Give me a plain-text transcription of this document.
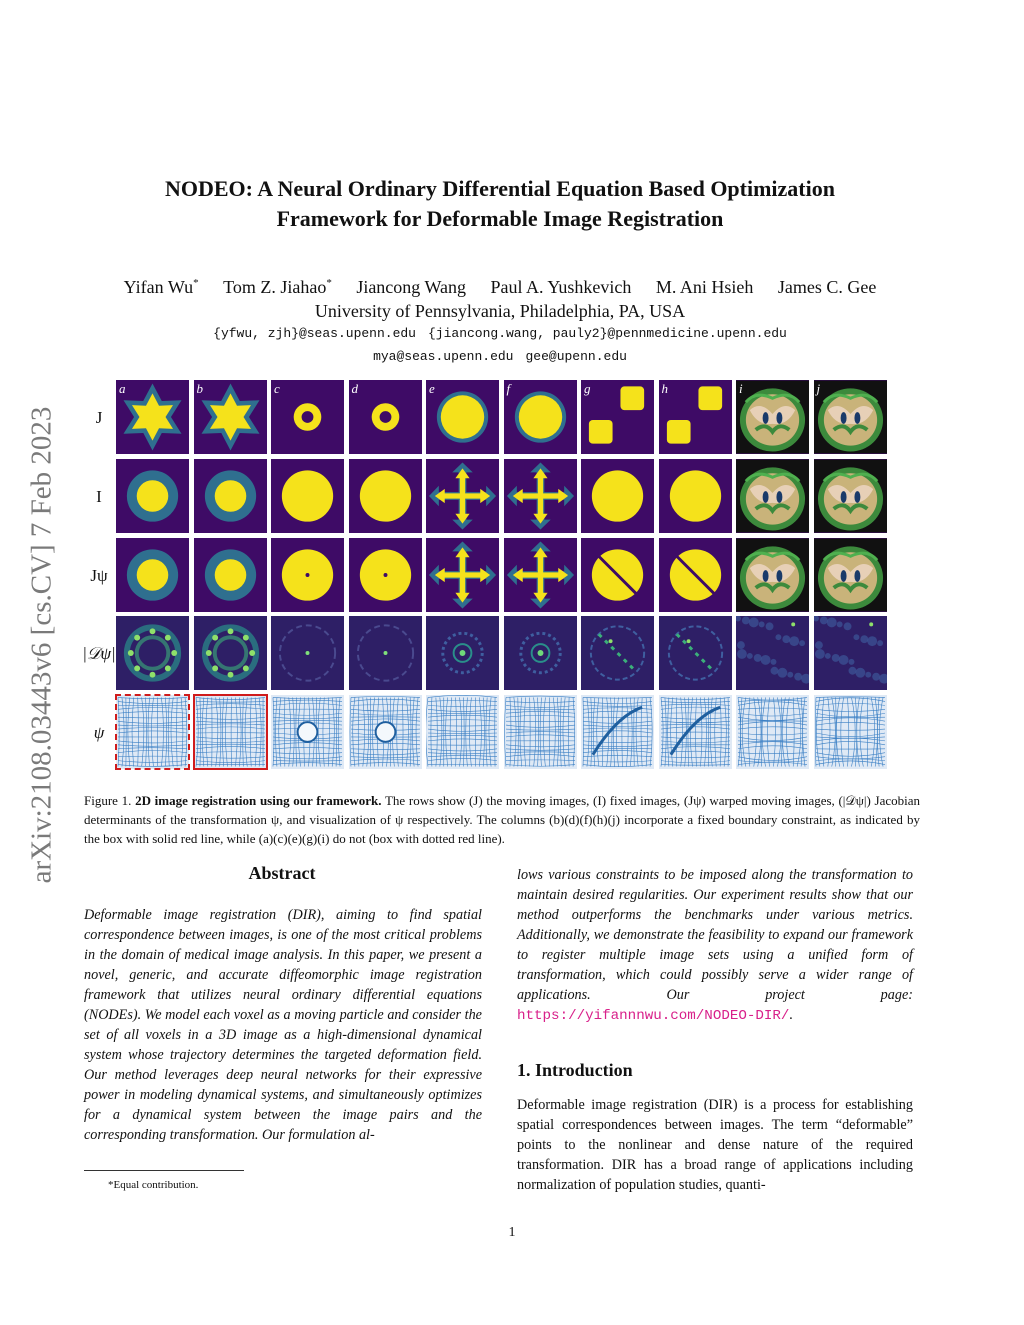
arXiv:2108.03443v6 [cs.CV] 7 Feb 2023
NODEO: A Neural Ordinary Differential Equation Based Optimization
Framework for Deformable Image Registration
Yifan Wu* Tom Z. Jiahao* Jiancong Wang Paul A. Yushkevich M. Ani Hsieh James C. Gee
University of Pennsylvania, Philadelphia, PA, USA
{yfwu, zjh}@seas.upenn.edu {jiancong.wang, pauly2}@pennmedicine.upenn.edu
mya@seas.upenn.edu gee@upenn.edu
J
a	b	c	d	e	f	g	h	i	j
I
Jψ
|𝒟ψ|
ψ
Figure 1. 2D image registration using our framework. The rows show (J) the moving images, (I) fixed images, (Jψ) warped moving images, (|𝒟ψ|) Jacobian determinants of the transformation ψ, and visualization of ψ respectively. The columns (b)(d)(f)(h)(j) incorporate a fixed boundary constraint, as indicated by the box with solid red line, while (a)(c)(e)(g)(i) do not (box with dotted red line).
Abstract
Deformable image registration (DIR), aiming to find spatial correspondence between images, is one of the most critical problems in the domain of medical image analysis. In this paper, we present a novel, generic, and accurate diffeomorphic image registration framework that utilizes neural ordinary differential equations (NODEs). We model each voxel as a moving particle and consider the set of all voxels in a 3D image as a high-dimensional dynamical system whose trajectory determines the targeted deformation field. Our method leverages deep neural networks for their expressive power in modeling dynamical systems, and simultaneously optimizes for a dynamical system between the image pairs and the corresponding transformation. Our formulation al-
*Equal contribution.
lows various constraints to be imposed along the transformation to maintain desired regularities. Our experiment results show that our method outperforms the benchmarks under various metrics. Additionally, we demonstrate the feasibility to expand our framework to register multiple image sets using a unified form of transformation, which could possibly serve a wider range of applications. Our project page: https://yifannnwu.com/NODEO-DIR/.
1. Introduction
Deformable image registration (DIR) is a process for establishing spatial correspondences between images. The term “deformable” points to the nonlinear and dense nature of the required transformation. DIR has a broad range of applications including normalization of population studies, quanti-
1
